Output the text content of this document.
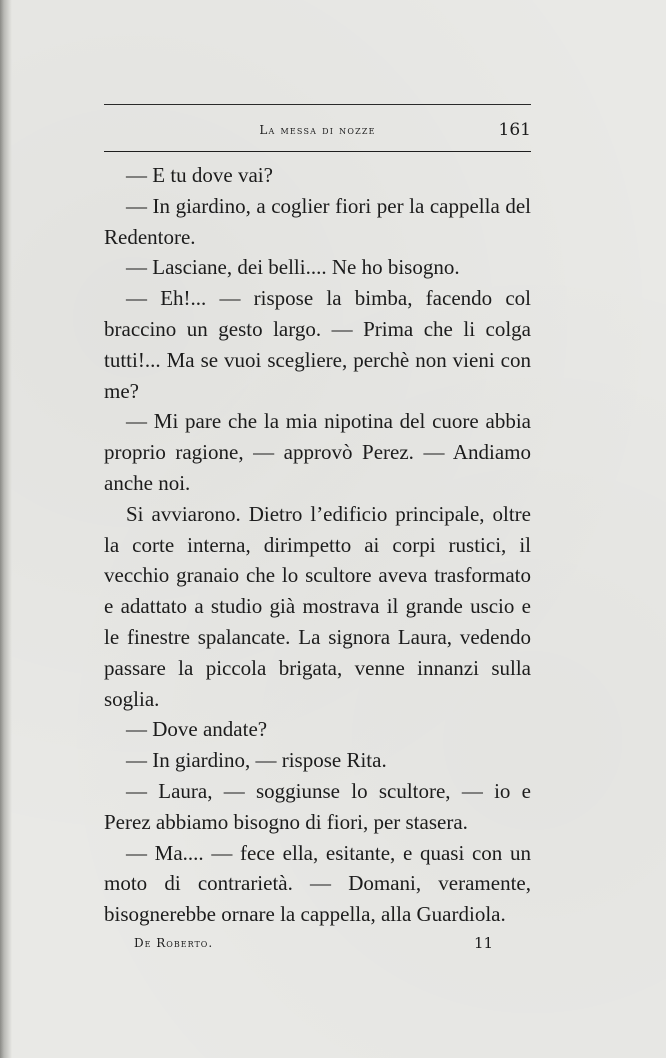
La messa di nozze	161

— E tu dove vai?

— In giardino, a coglier fiori per la cappella del Redentore.

— Lasciane, dei belli.... Ne ho bisogno.

— Eh!... — rispose la bimba, facendo col braccino un gesto largo. — Prima che li colga tutti!... Ma se vuoi scegliere, perchè non vieni con me?

— Mi pare che la mia nipotina del cuore abbia proprio ragione, — approvò Perez. — Andiamo anche noi.

Si avviarono. Dietro l’edificio principale, oltre la corte interna, dirimpetto ai corpi rustici, il vecchio granaio che lo scultore aveva trasformato e adattato a studio già mostrava il grande uscio e le finestre spalancate. La signora Laura, vedendo passare la piccola brigata, venne innanzi sulla soglia.

— Dove andate?

— In giardino, — rispose Rita.

— Laura, — soggiunse lo scultore, — io e Perez abbiamo bisogno di fiori, per stasera.

— Ma.... — fece ella, esitante, e quasi con un moto di contrarietà. — Domani, veramente, bisognerebbe ornare la cappella, alla Guardiola.

De Roberto.	11
